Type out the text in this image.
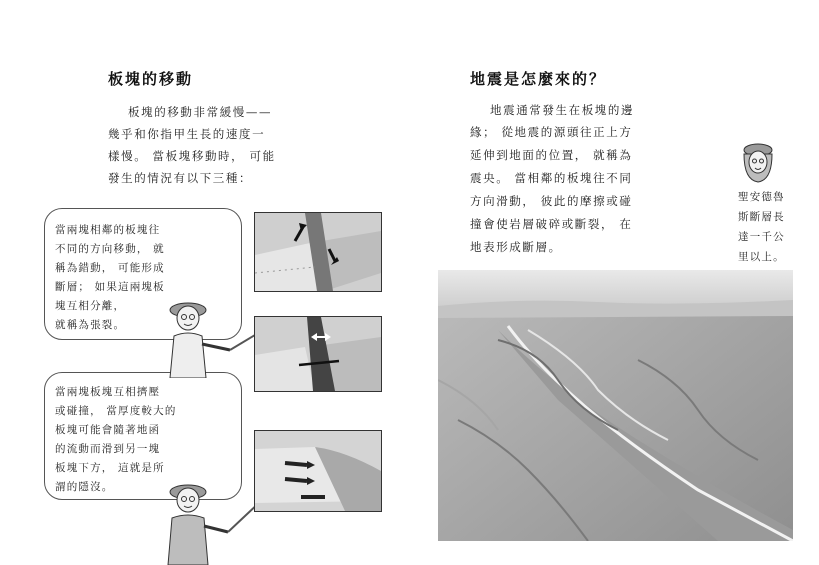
板塊的移動
板塊的移動非常緩慢——
幾乎和你指甲生長的速度一
樣慢。 當板塊移動時， 可能
發生的情況有以下三種：
當兩塊相鄰的板塊往
不同的方向移動， 就
稱為錯動， 可能形成
斷層； 如果這兩塊板
塊互相分離，
就稱為張裂。
當兩塊板塊互相擠壓
或碰撞， 當厚度較大的
板塊可能會隨著地函
的流動而滑到另一塊
板塊下方， 這就是所
謂的隱沒。
地震是怎麼來的？
地震通常發生在板塊的邊
緣； 從地震的源頭往正上方
延伸到地面的位置， 就稱為
震央。 當相鄰的板塊往不同
方向滑動， 彼此的摩擦或碰
撞會使岩層破碎或斷裂， 在
地表形成斷層。
聖安德魯
斯斷層長
達一千公
里以上。
